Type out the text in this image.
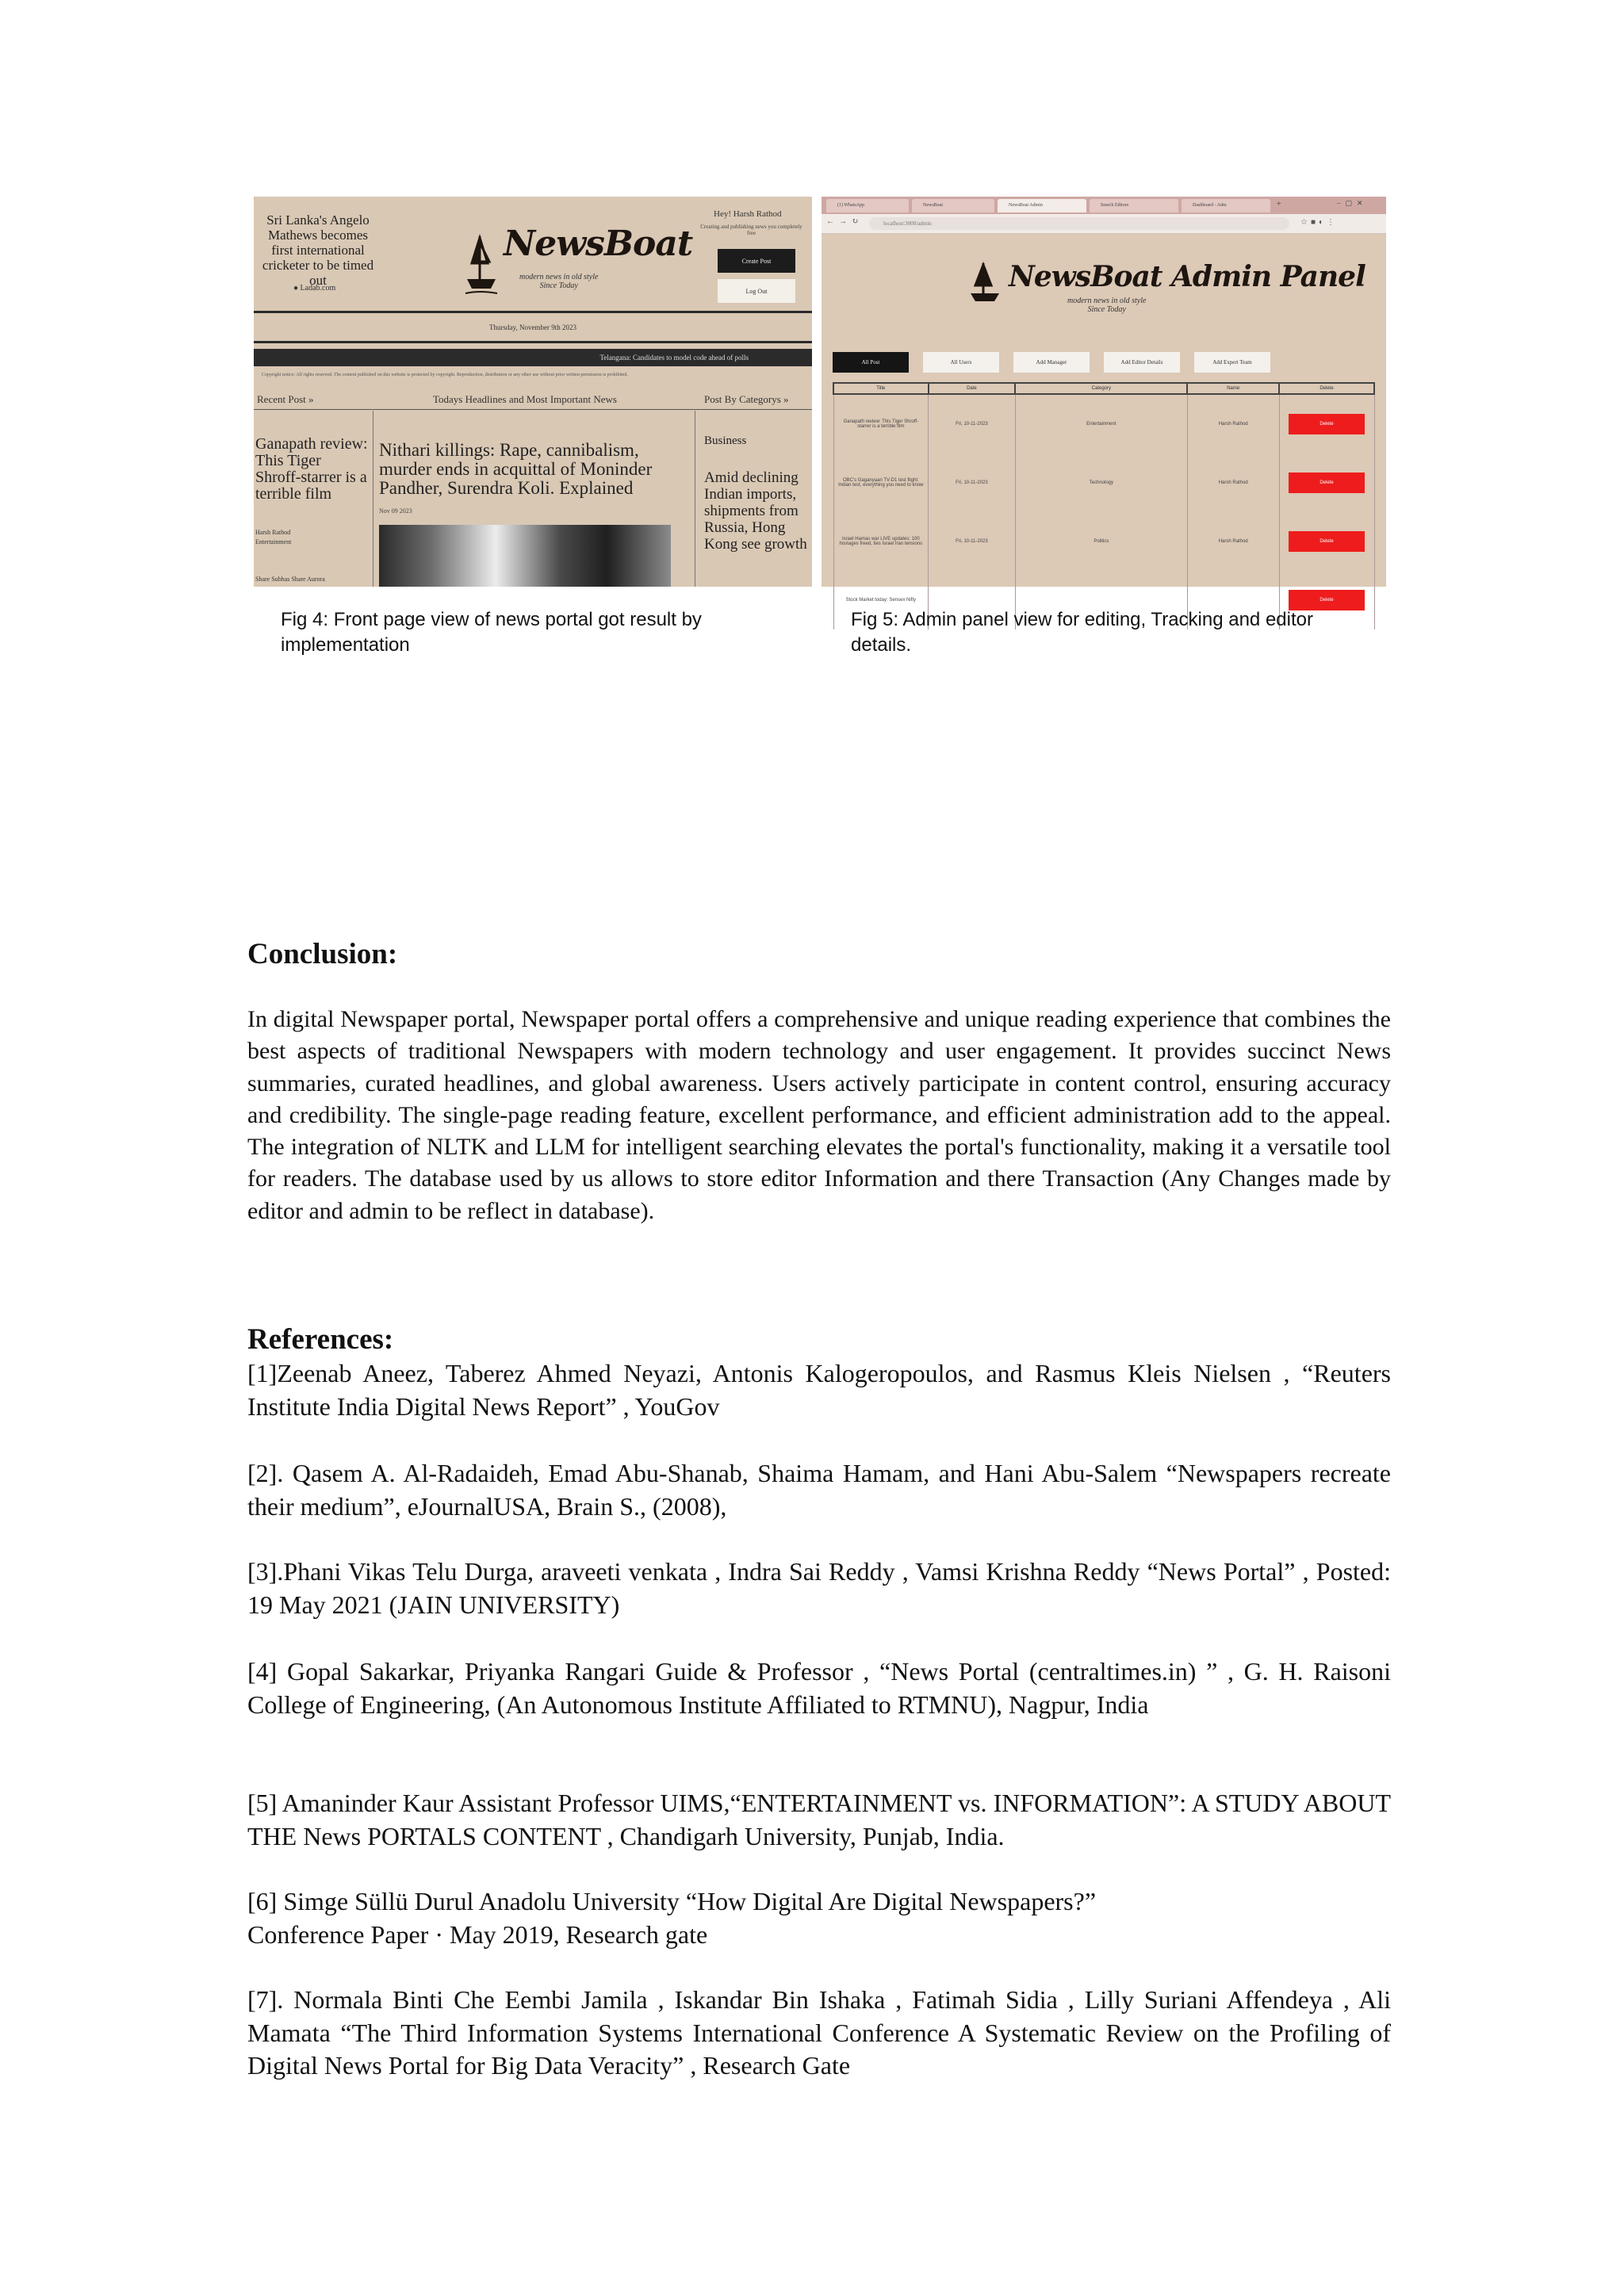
Sri Lanka's Angelo Mathews becomes first international cricketer to be timed out
● Ladab.com
NewsBoat
modern news in old style
Since Today
Hey! Harsh Rathod
Creating and publishing news you completely free
Create Post
Log Out
Thursday, November 9th 2023
Telangana: Candidates to model code ahead of polls
Copyright notice: All rights reserved. The content published on this website is protected by copyright. Reproduction, distribution or any other use without prior written permission is prohibited.
Recent Post »	Todays Headlines and Most Important News	Post By Categorys »
Ganapath review: This Tiger Shroff-starrer is a terrible film
Harsh Rathod
Entertainment
Share Subhas Share Aurora
Nithari killings: Rape, cannibalism, murder ends in acquittal of Moninder Pandher, Surendra Koli. Explained
Nov 09 2023
Business
Amid declining Indian imports, shipments from Russia, Hong Kong see growth
(1) WhatsApp	NewsBoat	NewsBoat Admin	Search Editors	Dashboard - Adm	+	–▢✕
← → ↻	localhost:3000/admin	☆■◐⋮
NewsBoat Admin Panel
modern news in old style
Since Today
All Post	All Users	Add Manager	Add Editor Details	Add Expert Team
Title	Date	Category	Name	Delete
Ganapath review: This Tiger Shroff-starrer is a terrible film	Fri, 10-11-2023	Entertainment	Harsh Rathod	Delete
OBC's Gaganyaan TV-D1 test flight: Indian test, everything you need to know	Fri, 10-11-2023	Technology	Harsh Rathod	Delete
Israel Hamas war LIVE updates: 100 hostages freed, ties Israel Iran tensions	Fri, 10-11-2023	Politics	Harsh Rathod	Delete
Stock Market today: Sensex Nifty				Delete
Fig 4: Front page view of news portal got result by implementation
Fig 5: Admin panel view for editing, Tracking and editor details.
Conclusion:
In digital Newspaper portal, Newspaper portal offers a comprehensive and unique reading experience that combines the best aspects of traditional Newspapers with modern technology and user engagement. It provides succinct News summaries, curated headlines, and global awareness. Users actively participate in content control, ensuring accuracy and credibility. The single-page reading feature, excellent performance, and efficient administration add to the appeal. The integration of NLTK and LLM for intelligent searching elevates the portal's functionality, making it a versatile tool for readers. The database used by us allows to store editor Information and there Transaction (Any Changes made by editor and admin to be reflect in database).
References:
[1]Zeenab Aneez, Taberez Ahmed Neyazi, Antonis Kalogeropoulos, and Rasmus Kleis Nielsen , “Reuters Institute India Digital News Report” , YouGov
[2]. Qasem A. Al-Radaideh, Emad Abu-Shanab, Shaima Hamam, and Hani Abu-Salem “Newspapers recreate their medium”, eJournalUSA, Brain S., (2008),
[3].Phani Vikas Telu Durga, araveeti venkata , Indra Sai Reddy , Vamsi Krishna Reddy “News Portal” , Posted: 19 May 2021 (JAIN UNIVERSITY)
[4] Gopal Sakarkar, Priyanka Rangari Guide & Professor , “News Portal (centraltimes.in) ” , G. H. Raisoni College of Engineering, (An Autonomous Institute Affiliated to RTMNU), Nagpur, India
[5] Amaninder Kaur Assistant Professor UIMS,“ENTERTAINMENT vs. INFORMATION”: A STUDY ABOUT THE News PORTALS CONTENT , Chandigarh University, Punjab, India.
[6] Simge Süllü Durul Anadolu University “How Digital Are Digital Newspapers?”
Conference Paper · May 2019, Research gate
[7]. Normala Binti Che Eembi Jamila , Iskandar Bin Ishaka , Fatimah Sidia , Lilly Suriani Affendeya , Ali Mamata “The Third Information Systems International Conference A Systematic Review on the Profiling of Digital News Portal for Big Data Veracity” , Research Gate
